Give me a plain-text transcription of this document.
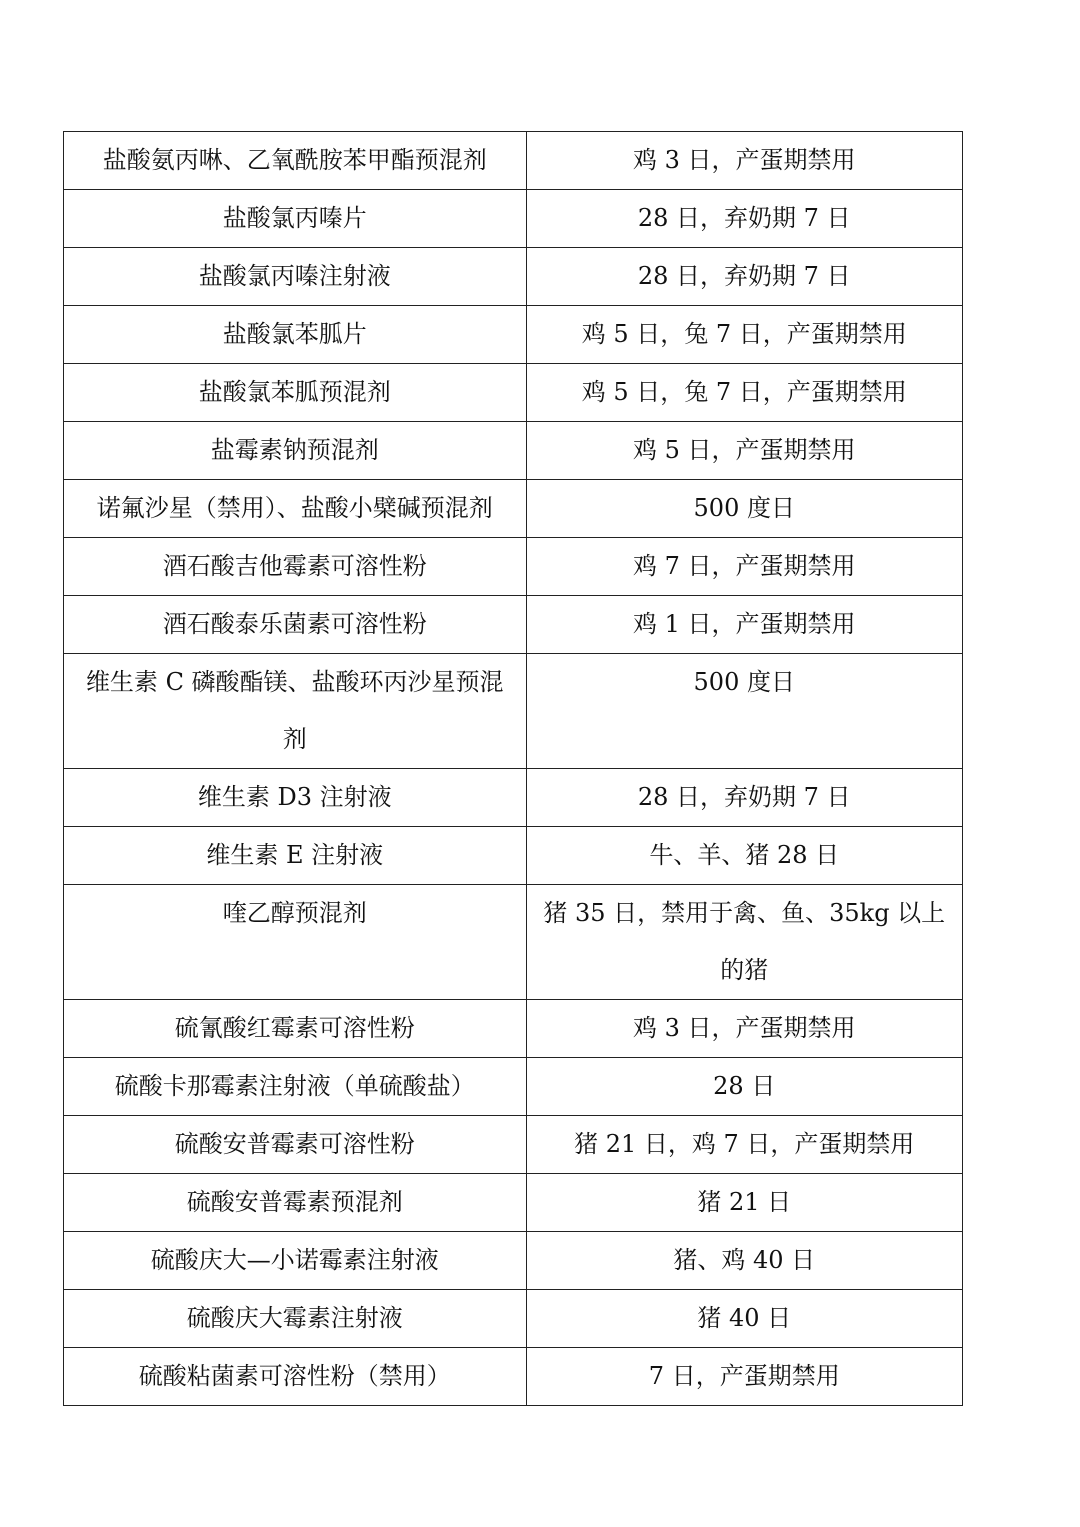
盐酸氨丙啉、乙氧酰胺苯甲酯预混剂	鸡 3 日，产蛋期禁用
盐酸氯丙嗪片	28 日，弃奶期 7 日
盐酸氯丙嗪注射液	28 日，弃奶期 7 日
盐酸氯苯胍片	鸡 5 日，兔 7 日，产蛋期禁用
盐酸氯苯胍预混剂	鸡 5 日，兔 7 日，产蛋期禁用
盐霉素钠预混剂	鸡 5 日，产蛋期禁用
诺氟沙星（禁用）、盐酸小檗碱预混剂	500 度日
酒石酸吉他霉素可溶性粉	鸡 7 日，产蛋期禁用
酒石酸泰乐菌素可溶性粉	鸡 1 日，产蛋期禁用
维生素 C 磷酸酯镁、盐酸环丙沙星预混剂	500 度日
维生素 D3 注射液	28 日，弃奶期 7 日
维生素 E 注射液	牛、羊、猪 28 日
喹乙醇预混剂	猪 35 日，禁用于禽、鱼、35kg 以上的猪
硫氰酸红霉素可溶性粉	鸡 3 日，产蛋期禁用
硫酸卡那霉素注射液（单硫酸盐）	28 日
硫酸安普霉素可溶性粉	猪 21 日，鸡 7 日，产蛋期禁用
硫酸安普霉素预混剂	猪 21 日
硫酸庆大—小诺霉素注射液	猪、鸡 40 日
硫酸庆大霉素注射液	猪 40 日
硫酸粘菌素可溶性粉（禁用）	7 日，产蛋期禁用
